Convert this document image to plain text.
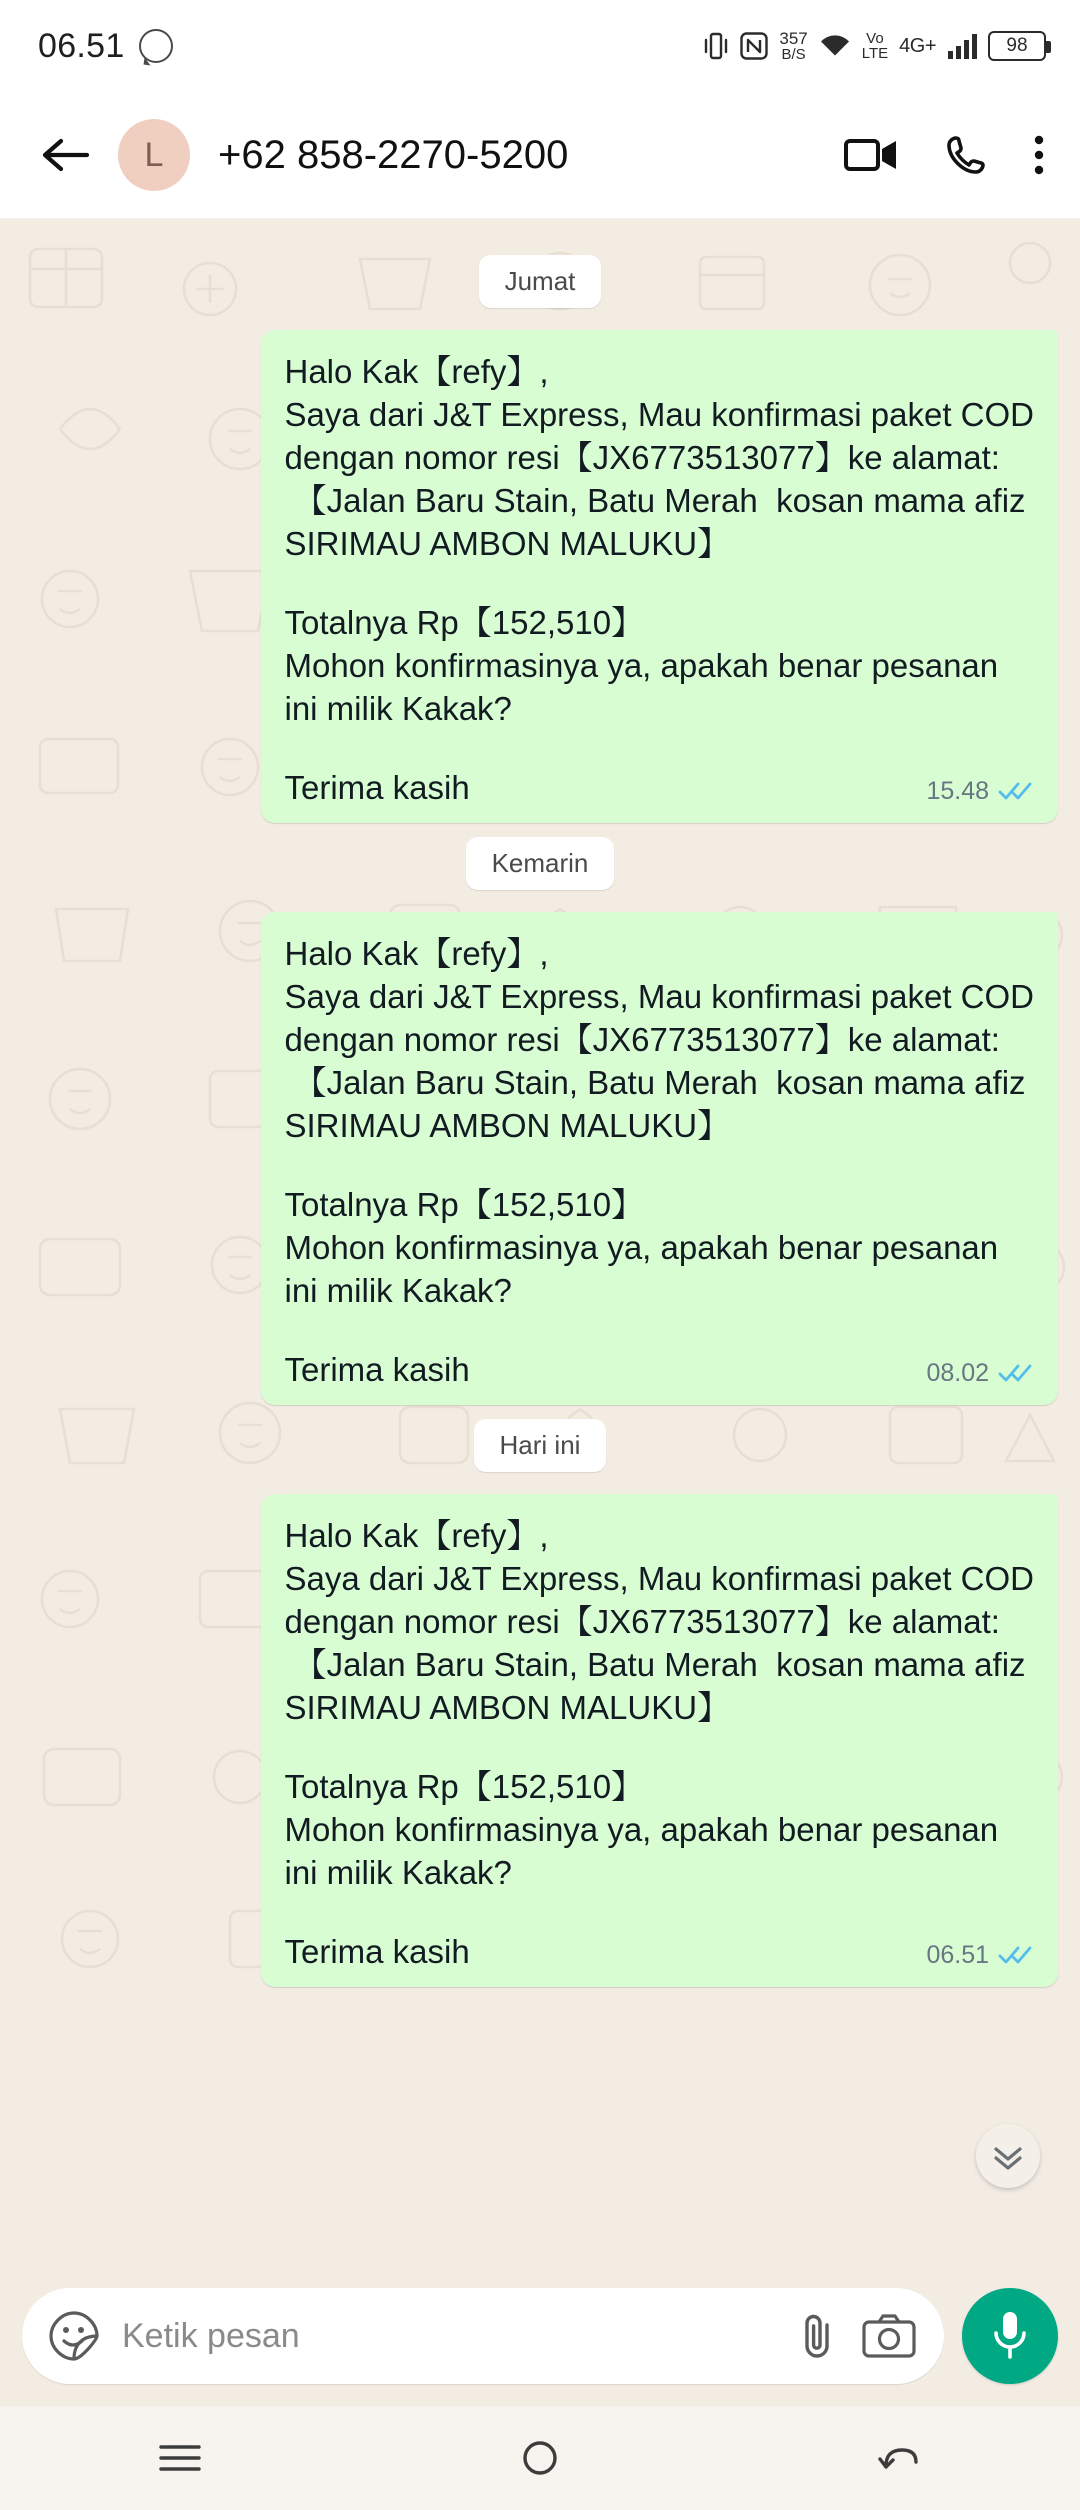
06.51	357
B/S
Vo
LTE 4G+	98
L	+62 858-2270-5200
Jumat

Halo Kak【refy】,

Saya dari J&T Express, Mau konfirmasi paket COD

dengan nomor resi【JX6773513077】ke alamat:

【Jalan Baru Stain, Batu Merah  kosan mama afiz

SIRIMAU AMBON MALUKU】

Totalnya Rp【152,510】

Mohon konfirmasinya ya, apakah benar pesanan

ini milik Kakak?

Terima kasih	15.48
Kemarin

Halo Kak【refy】,

Saya dari J&T Express, Mau konfirmasi paket COD

dengan nomor resi【JX6773513077】ke alamat:

【Jalan Baru Stain, Batu Merah  kosan mama afiz

SIRIMAU AMBON MALUKU】

Totalnya Rp【152,510】

Mohon konfirmasinya ya, apakah benar pesanan

ini milik Kakak?

Terima kasih	08.02
Hari ini

Halo Kak【refy】,

Saya dari J&T Express, Mau konfirmasi paket COD

dengan nomor resi【JX6773513077】ke alamat:

【Jalan Baru Stain, Batu Merah  kosan mama afiz

SIRIMAU AMBON MALUKU】

Totalnya Rp【152,510】

Mohon konfirmasinya ya, apakah benar pesanan

ini milik Kakak?

Terima kasih	06.51
Ketik pesan
